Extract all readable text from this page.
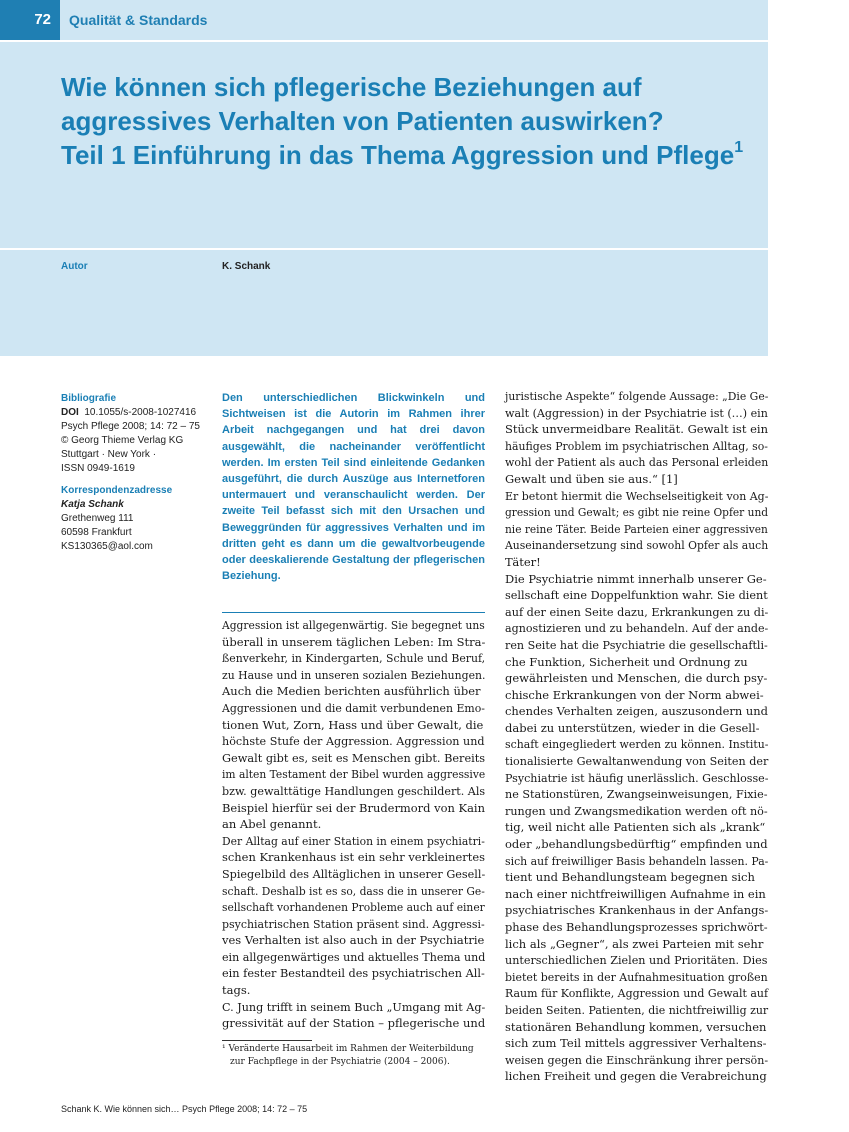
72	Qualität & Standards
Wie können sich pflegerische Beziehungen auf
aggressives Verhalten von Patienten auswirken?
Teil 1 Einführung in das Thema Aggression und Pflege$^1$
Autor	K. Schank
Bibliografie
DOI 10.1055/s-2008-1027416
Psych Pflege 2008; 14: 72 – 75
© Georg Thieme Verlag KG
Stuttgart · New York ·
ISSN 0949-1619
Korrespondenzadresse
Katja Schank
Grethenweg 111
60598 Frankfurt
KS130365@aol.com
Den unterschiedlichen Blickwinkeln und Sichtweisen ist die Autorin im Rahmen ihrer Arbeit nachgegangen und hat drei davon ausgewählt, die nacheinander veröffentlicht werden. Im ersten Teil sind einleitende Gedanken ausgeführt, die durch Auszüge aus Internetforen untermauert und veranschaulicht werden. Der zweite Teil befasst sich mit den Ursachen und Beweggründen für aggressives Verhalten und im dritten geht es dann um die gewaltvorbeugende oder deeskalierende Gestaltung der pflegerischen Beziehung.
Aggression ist allgegenwärtig. Sie begegnet uns
überall in unserem täglichen Leben: Im Stra-
ßenverkehr, in Kindergarten, Schule und Beruf,
zu Hause und in unseren sozialen Beziehungen.
Auch die Medien berichten ausführlich über
Aggressionen und die damit verbundenen Emo-
tionen Wut, Zorn, Hass und über Gewalt, die
höchste Stufe der Aggression. Aggression und
Gewalt gibt es, seit es Menschen gibt. Bereits
im alten Testament der Bibel wurden aggressive
bzw. gewalttätige Handlungen geschildert. Als
Beispiel hierfür sei der Brudermord von Kain
an Abel genannt.
Der Alltag auf einer Station in einem psychiatri-
schen Krankenhaus ist ein sehr verkleinertes
Spiegelbild des Alltäglichen in unserer Gesell-
schaft. Deshalb ist es so, dass die in unserer Ge-
sellschaft vorhandenen Probleme auch auf einer
psychiatrischen Station präsent sind. Aggressi-
ves Verhalten ist also auch in der Psychiatrie
ein allgegenwärtiges und aktuelles Thema und
ein fester Bestandteil des psychiatrischen All-
tags.
C. Jung trifft in seinem Buch „Umgang mit Ag-
gressivität auf der Station – pflegerische und
¹ Veränderte Hausarbeit im Rahmen der Weiterbildung
zur Fachpflege in der Psychiatrie (2004 – 2006).
juristische Aspekte“ folgende Aussage: „Die Ge-
walt (Aggression) in der Psychiatrie ist (…) ein
Stück unvermeidbare Realität. Gewalt ist ein
häufiges Problem im psychiatrischen Alltag, so-
wohl der Patient als auch das Personal erleiden
Gewalt und üben sie aus.“ [1]
Er betont hiermit die Wechselseitigkeit von Ag-
gression und Gewalt; es gibt nie reine Opfer und
nie reine Täter. Beide Parteien einer aggressiven
Auseinandersetzung sind sowohl Opfer als auch
Täter!
Die Psychiatrie nimmt innerhalb unserer Ge-
sellschaft eine Doppelfunktion wahr. Sie dient
auf der einen Seite dazu, Erkrankungen zu di-
agnostizieren und zu behandeln. Auf der ande-
ren Seite hat die Psychiatrie die gesellschaftli-
che Funktion, Sicherheit und Ordnung zu
gewährleisten und Menschen, die durch psy-
chische Erkrankungen von der Norm abwei-
chendes Verhalten zeigen, auszusondern und
dabei zu unterstützen, wieder in die Gesell-
schaft eingegliedert werden zu können. Institu-
tionalisierte Gewaltanwendung von Seiten der
Psychiatrie ist häufig unerlässlich. Geschlosse-
ne Stationstüren, Zwangseinweisungen, Fixie-
rungen und Zwangsmedikation werden oft nö-
tig, weil nicht alle Patienten sich als „krank“
oder „behandlungsbedürftig“ empfinden und
sich auf freiwilliger Basis behandeln lassen. Pa-
tient und Behandlungsteam begegnen sich
nach einer nichtfreiwilligen Aufnahme in ein
psychiatrisches Krankenhaus in der Anfangs-
phase des Behandlungsprozesses sprichwört-
lich als „Gegner“, als zwei Parteien mit sehr
unterschiedlichen Zielen und Prioritäten. Dies
bietet bereits in der Aufnahmesituation großen
Raum für Konflikte, Aggression und Gewalt auf
beiden Seiten. Patienten, die nichtfreiwillig zur
stationären Behandlung kommen, versuchen
sich zum Teil mittels aggressiver Verhaltens-
weisen gegen die Einschränkung ihrer persön-
lichen Freiheit und gegen die Verabreichung
Schank K. Wie können sich… Psych Pflege 2008; 14: 72 – 75
